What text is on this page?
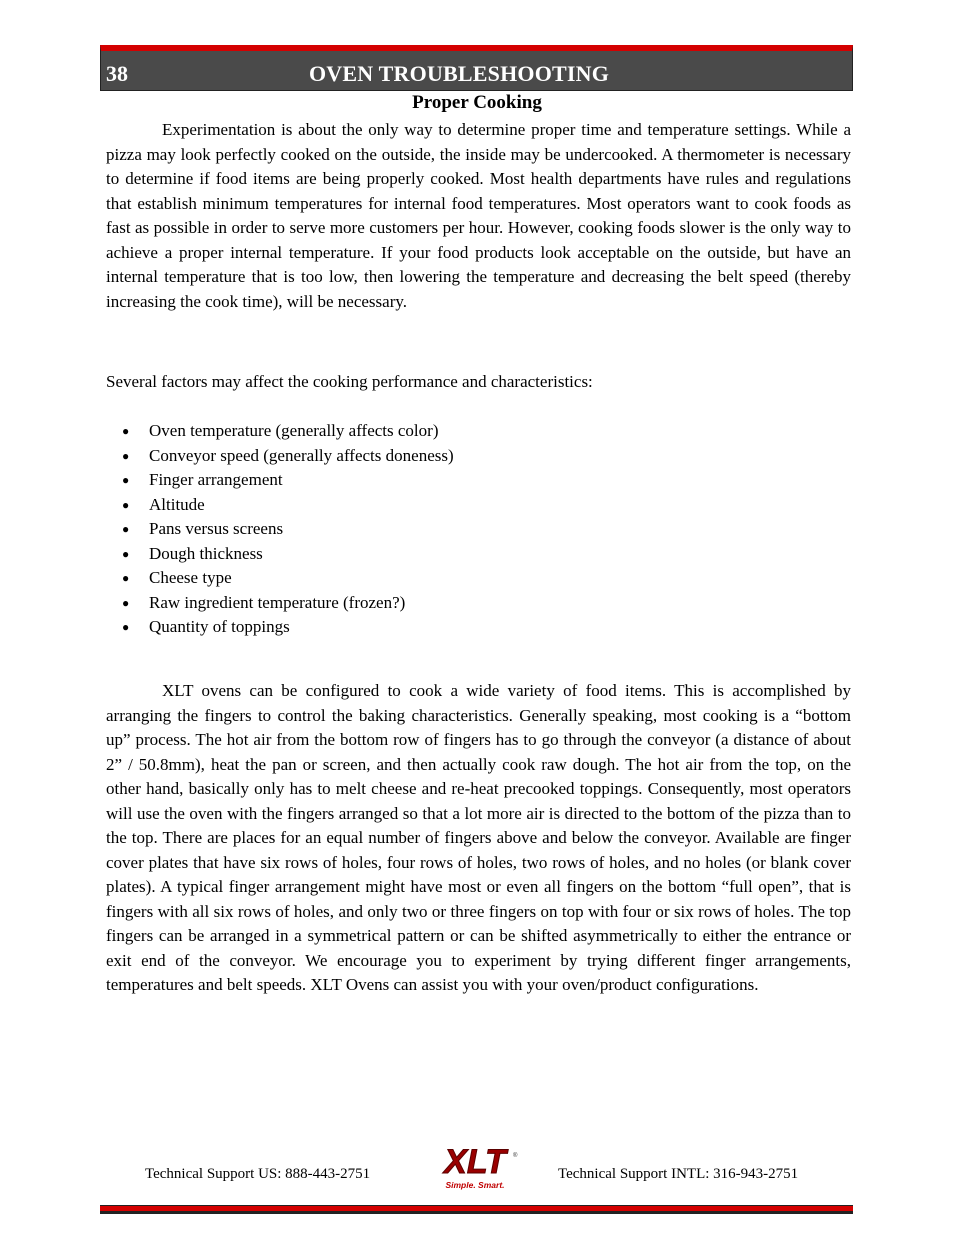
38	OVEN TROUBLESHOOTING
Proper Cooking

Experimentation is about the only way to determine proper time and temperature settings. While a pizza may look perfectly cooked on the outside, the inside may be undercooked. A thermometer is necessary to determine if food items are being properly cooked. Most health departments have rules and regulations that establish minimum temperatures for internal food temperatures. Most operators want to cook foods as fast as possible in order to serve more customers per hour. However, cooking foods slower is the only way to achieve a proper internal temperature. If your food products look acceptable on the outside, but have an internal temperature that is too low, then lowering the temperature and decreasing the belt speed (thereby increasing the cook time), will be necessary.

Several factors may affect the cooking performance and characteristics:

● Oven temperature (generally affects color)
● Conveyor speed (generally affects doneness)
● Finger arrangement
● Altitude
● Pans versus screens
● Dough thickness
● Cheese type
● Raw ingredient temperature (frozen?)
● Quantity of toppings

XLT ovens can be configured to cook a wide variety of food items. This is accomplished by arranging the fingers to control the baking characteristics. Generally speaking, most cooking is a “bottom up” process. The hot air from the bottom row of fingers has to go through the conveyor (a distance of about 2” / 50.8mm), heat the pan or screen, and then actually cook raw dough. The hot air from the top, on the other hand, basically only has to melt cheese and re-heat precooked toppings. Consequently, most operators will use the oven with the fingers arranged so that a lot more air is directed to the bottom of the pizza than to the top. There are places for an equal number of fingers above and below the conveyor. Available are finger cover plates that have six rows of holes, four rows of holes, two rows of holes, and no holes (or blank cover plates). A typical finger arrangement might have most or even all fingers on the bottom “full open”, that is fingers with all six rows of holes, and only two or three fingers on top with four or six rows of holes. The top fingers can be arranged in a symmetrical pattern or can be shifted asymmetrically to either the entrance or exit end of the conveyor. We encourage you to experiment by trying different finger arrangements, temperatures and belt speeds. XLT Ovens can assist you with your oven/product configurations.

Technical Support US: 888-443-2751 XLT	®
Simple. Smart.
Technical Support INTL: 316-943-2751
